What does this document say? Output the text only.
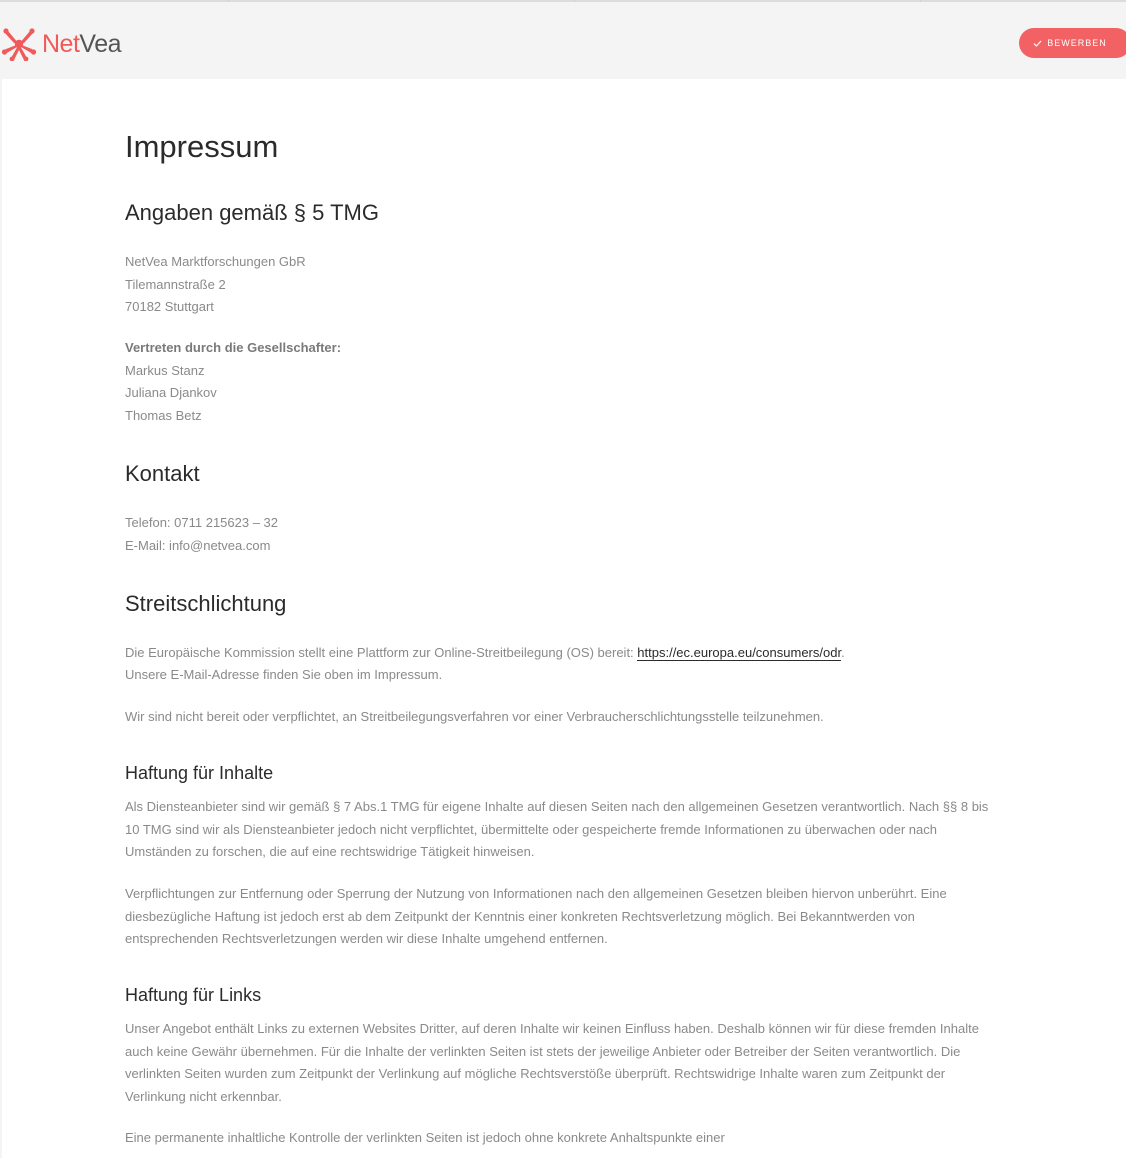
NetVea	BEWERBEN
Impressum
Angaben gemäß § 5 TMG
NetVea Marktforschungen GbR
Tilemannstraße 2
70182 Stuttgart
Vertreten durch die Gesellschafter:
Markus Stanz
Juliana Djankov
Thomas Betz
Kontakt
Telefon: 0711 215623 – 32
E-Mail: info@netvea.com
Streitschlichtung
Die Europäische Kommission stellt eine Plattform zur Online-Streitbeilegung (OS) bereit: https://ec.europa.eu/consumers/odr.
Unsere E-Mail-Adresse finden Sie oben im Impressum.
Wir sind nicht bereit oder verpflichtet, an Streitbeilegungsverfahren vor einer Verbraucherschlichtungsstelle teilzunehmen.
Haftung für Inhalte
Als Diensteanbieter sind wir gemäß § 7 Abs.1 TMG für eigene Inhalte auf diesen Seiten nach den allgemeinen Gesetzen verantwortlich. Nach §§ 8 bis 10 TMG sind wir als Diensteanbieter jedoch nicht verpflichtet, übermittelte oder gespeicherte fremde Informationen zu überwachen oder nach Umständen zu forschen, die auf eine rechtswidrige Tätigkeit hinweisen.
Verpflichtungen zur Entfernung oder Sperrung der Nutzung von Informationen nach den allgemeinen Gesetzen bleiben hiervon unberührt. Eine diesbezügliche Haftung ist jedoch erst ab dem Zeitpunkt der Kenntnis einer konkreten Rechtsverletzung möglich. Bei Bekanntwerden von entsprechenden Rechtsverletzungen werden wir diese Inhalte umgehend entfernen.
Haftung für Links
Unser Angebot enthält Links zu externen Websites Dritter, auf deren Inhalte wir keinen Einfluss haben. Deshalb können wir für diese fremden Inhalte auch keine Gewähr übernehmen. Für die Inhalte der verlinkten Seiten ist stets der jeweilige Anbieter oder Betreiber der Seiten verantwortlich. Die verlinkten Seiten wurden zum Zeitpunkt der Verlinkung auf mögliche Rechtsverstöße überprüft. Rechtswidrige Inhalte waren zum Zeitpunkt der Verlinkung nicht erkennbar.
Eine permanente inhaltliche Kontrolle der verlinkten Seiten ist jedoch ohne konkrete Anhaltspunkte einer
